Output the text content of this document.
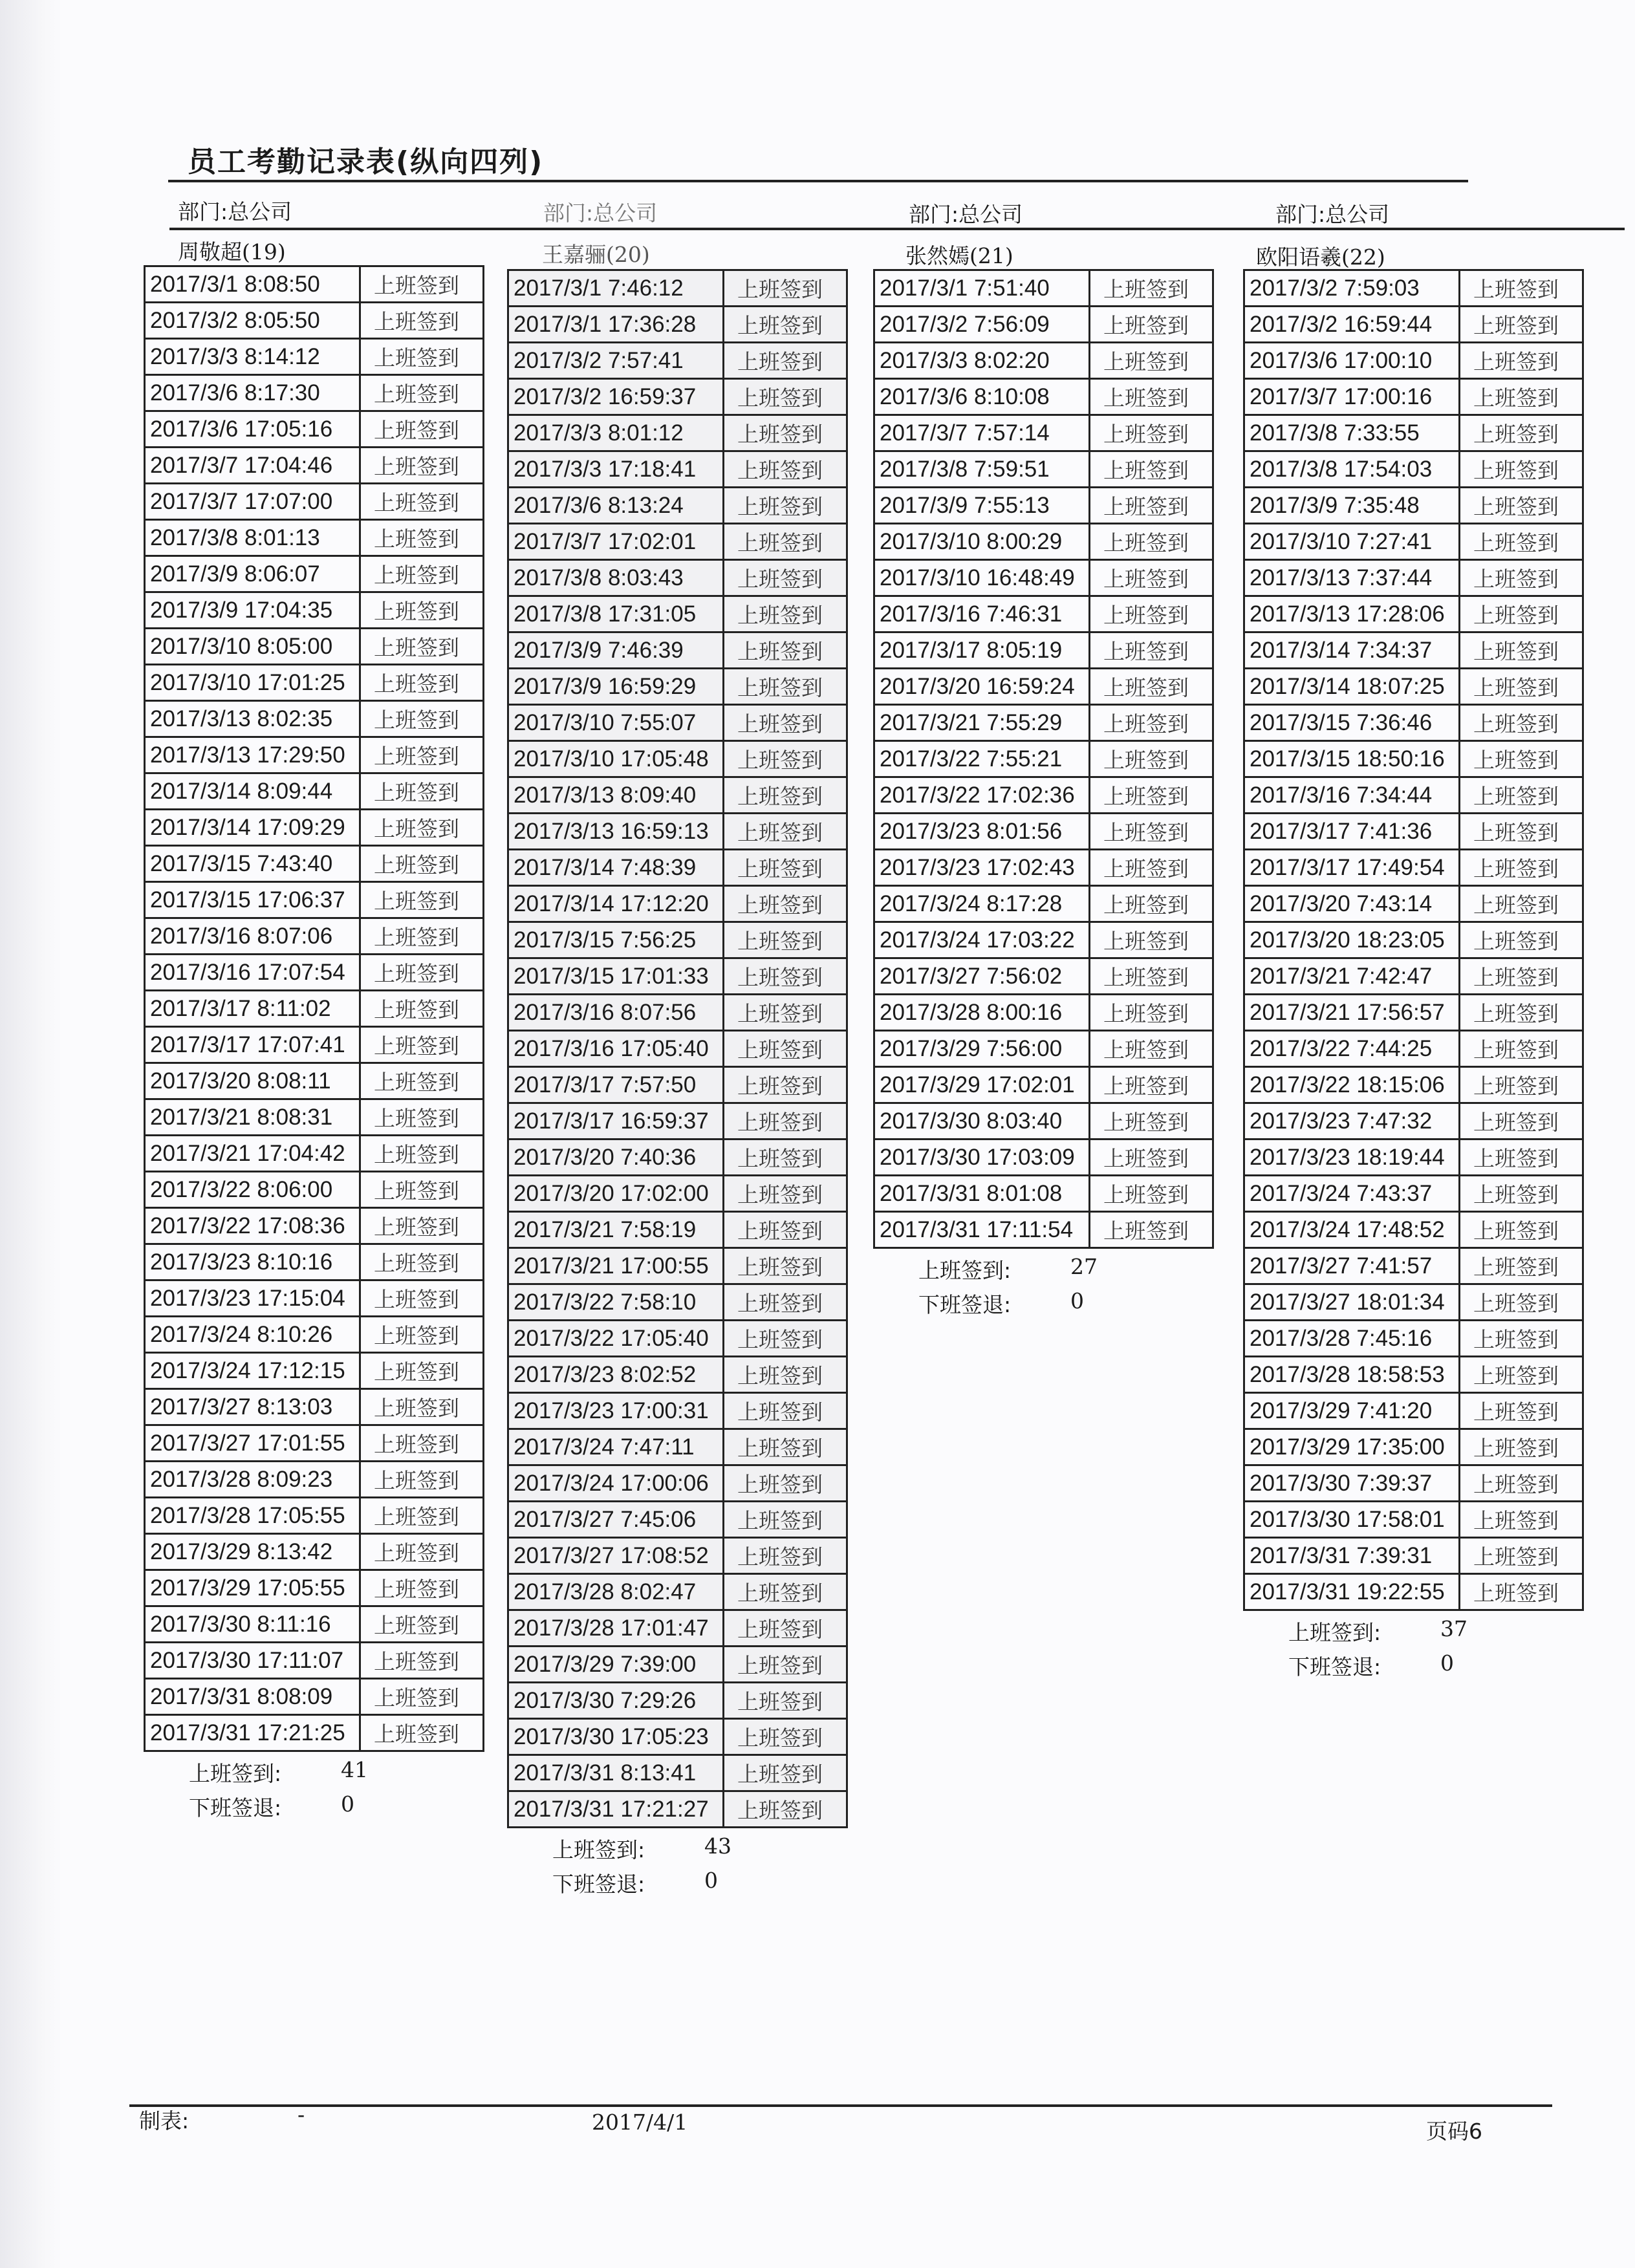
员工考勤记录表(纵向四列)
部门:总公司	部门:总公司	部门:总公司	部门:总公司
周敬超(19)	王嘉骊(20)	张然嫣(21)	欧阳语羲(22)
2017/3/1 8:08:50	上班签到
2017/3/2 8:05:50	上班签到
2017/3/3 8:14:12	上班签到
2017/3/6 8:17:30	上班签到
2017/3/6 17:05:16	上班签到
2017/3/7 17:04:46	上班签到
2017/3/7 17:07:00	上班签到
2017/3/8 8:01:13	上班签到
2017/3/9 8:06:07	上班签到
2017/3/9 17:04:35	上班签到
2017/3/10 8:05:00	上班签到
2017/3/10 17:01:25	上班签到
2017/3/13 8:02:35	上班签到
2017/3/13 17:29:50	上班签到
2017/3/14 8:09:44	上班签到
2017/3/14 17:09:29	上班签到
2017/3/15 7:43:40	上班签到
2017/3/15 17:06:37	上班签到
2017/3/16 8:07:06	上班签到
2017/3/16 17:07:54	上班签到
2017/3/17 8:11:02	上班签到
2017/3/17 17:07:41	上班签到
2017/3/20 8:08:11	上班签到
2017/3/21 8:08:31	上班签到
2017/3/21 17:04:42	上班签到
2017/3/22 8:06:00	上班签到
2017/3/22 17:08:36	上班签到
2017/3/23 8:10:16	上班签到
2017/3/23 17:15:04	上班签到
2017/3/24 8:10:26	上班签到
2017/3/24 17:12:15	上班签到
2017/3/27 8:13:03	上班签到
2017/3/27 17:01:55	上班签到
2017/3/28 8:09:23	上班签到
2017/3/28 17:05:55	上班签到
2017/3/29 8:13:42	上班签到
2017/3/29 17:05:55	上班签到
2017/3/30 8:11:16	上班签到
2017/3/30 17:11:07	上班签到
2017/3/31 8:08:09	上班签到
2017/3/31 17:21:25	上班签到
上班签到:	41
下班签退:	0
2017/3/1 7:46:12	上班签到
2017/3/1 17:36:28	上班签到
2017/3/2 7:57:41	上班签到
2017/3/2 16:59:37	上班签到
2017/3/3 8:01:12	上班签到
2017/3/3 17:18:41	上班签到
2017/3/6 8:13:24	上班签到
2017/3/7 17:02:01	上班签到
2017/3/8 8:03:43	上班签到
2017/3/8 17:31:05	上班签到
2017/3/9 7:46:39	上班签到
2017/3/9 16:59:29	上班签到
2017/3/10 7:55:07	上班签到
2017/3/10 17:05:48	上班签到
2017/3/13 8:09:40	上班签到
2017/3/13 16:59:13	上班签到
2017/3/14 7:48:39	上班签到
2017/3/14 17:12:20	上班签到
2017/3/15 7:56:25	上班签到
2017/3/15 17:01:33	上班签到
2017/3/16 8:07:56	上班签到
2017/3/16 17:05:40	上班签到
2017/3/17 7:57:50	上班签到
2017/3/17 16:59:37	上班签到
2017/3/20 7:40:36	上班签到
2017/3/20 17:02:00	上班签到
2017/3/21 7:58:19	上班签到
2017/3/21 17:00:55	上班签到
2017/3/22 7:58:10	上班签到
2017/3/22 17:05:40	上班签到
2017/3/23 8:02:52	上班签到
2017/3/23 17:00:31	上班签到
2017/3/24 7:47:11	上班签到
2017/3/24 17:00:06	上班签到
2017/3/27 7:45:06	上班签到
2017/3/27 17:08:52	上班签到
2017/3/28 8:02:47	上班签到
2017/3/28 17:01:47	上班签到
2017/3/29 7:39:00	上班签到
2017/3/30 7:29:26	上班签到
2017/3/30 17:05:23	上班签到
2017/3/31 8:13:41	上班签到
2017/3/31 17:21:27	上班签到
上班签到:	43
下班签退:	0
2017/3/1 7:51:40	上班签到
2017/3/2 7:56:09	上班签到
2017/3/3 8:02:20	上班签到
2017/3/6 8:10:08	上班签到
2017/3/7 7:57:14	上班签到
2017/3/8 7:59:51	上班签到
2017/3/9 7:55:13	上班签到
2017/3/10 8:00:29	上班签到
2017/3/10 16:48:49	上班签到
2017/3/16 7:46:31	上班签到
2017/3/17 8:05:19	上班签到
2017/3/20 16:59:24	上班签到
2017/3/21 7:55:29	上班签到
2017/3/22 7:55:21	上班签到
2017/3/22 17:02:36	上班签到
2017/3/23 8:01:56	上班签到
2017/3/23 17:02:43	上班签到
2017/3/24 8:17:28	上班签到
2017/3/24 17:03:22	上班签到
2017/3/27 7:56:02	上班签到
2017/3/28 8:00:16	上班签到
2017/3/29 7:56:00	上班签到
2017/3/29 17:02:01	上班签到
2017/3/30 8:03:40	上班签到
2017/3/30 17:03:09	上班签到
2017/3/31 8:01:08	上班签到
2017/3/31 17:11:54	上班签到
上班签到:	27
下班签退:	0
2017/3/2 7:59:03	上班签到
2017/3/2 16:59:44	上班签到
2017/3/6 17:00:10	上班签到
2017/3/7 17:00:16	上班签到
2017/3/8 7:33:55	上班签到
2017/3/8 17:54:03	上班签到
2017/3/9 7:35:48	上班签到
2017/3/10 7:27:41	上班签到
2017/3/13 7:37:44	上班签到
2017/3/13 17:28:06	上班签到
2017/3/14 7:34:37	上班签到
2017/3/14 18:07:25	上班签到
2017/3/15 7:36:46	上班签到
2017/3/15 18:50:16	上班签到
2017/3/16 7:34:44	上班签到
2017/3/17 7:41:36	上班签到
2017/3/17 17:49:54	上班签到
2017/3/20 7:43:14	上班签到
2017/3/20 18:23:05	上班签到
2017/3/21 7:42:47	上班签到
2017/3/21 17:56:57	上班签到
2017/3/22 7:44:25	上班签到
2017/3/22 18:15:06	上班签到
2017/3/23 7:47:32	上班签到
2017/3/23 18:19:44	上班签到
2017/3/24 7:43:37	上班签到
2017/3/24 17:48:52	上班签到
2017/3/27 7:41:57	上班签到
2017/3/27 18:01:34	上班签到
2017/3/28 7:45:16	上班签到
2017/3/28 18:58:53	上班签到
2017/3/29 7:41:20	上班签到
2017/3/29 17:35:00	上班签到
2017/3/30 7:39:37	上班签到
2017/3/30 17:58:01	上班签到
2017/3/31 7:39:31	上班签到
2017/3/31 19:22:55	上班签到
上班签到:	37
下班签退:	0
制表:	-	2017/4/1	页码6
